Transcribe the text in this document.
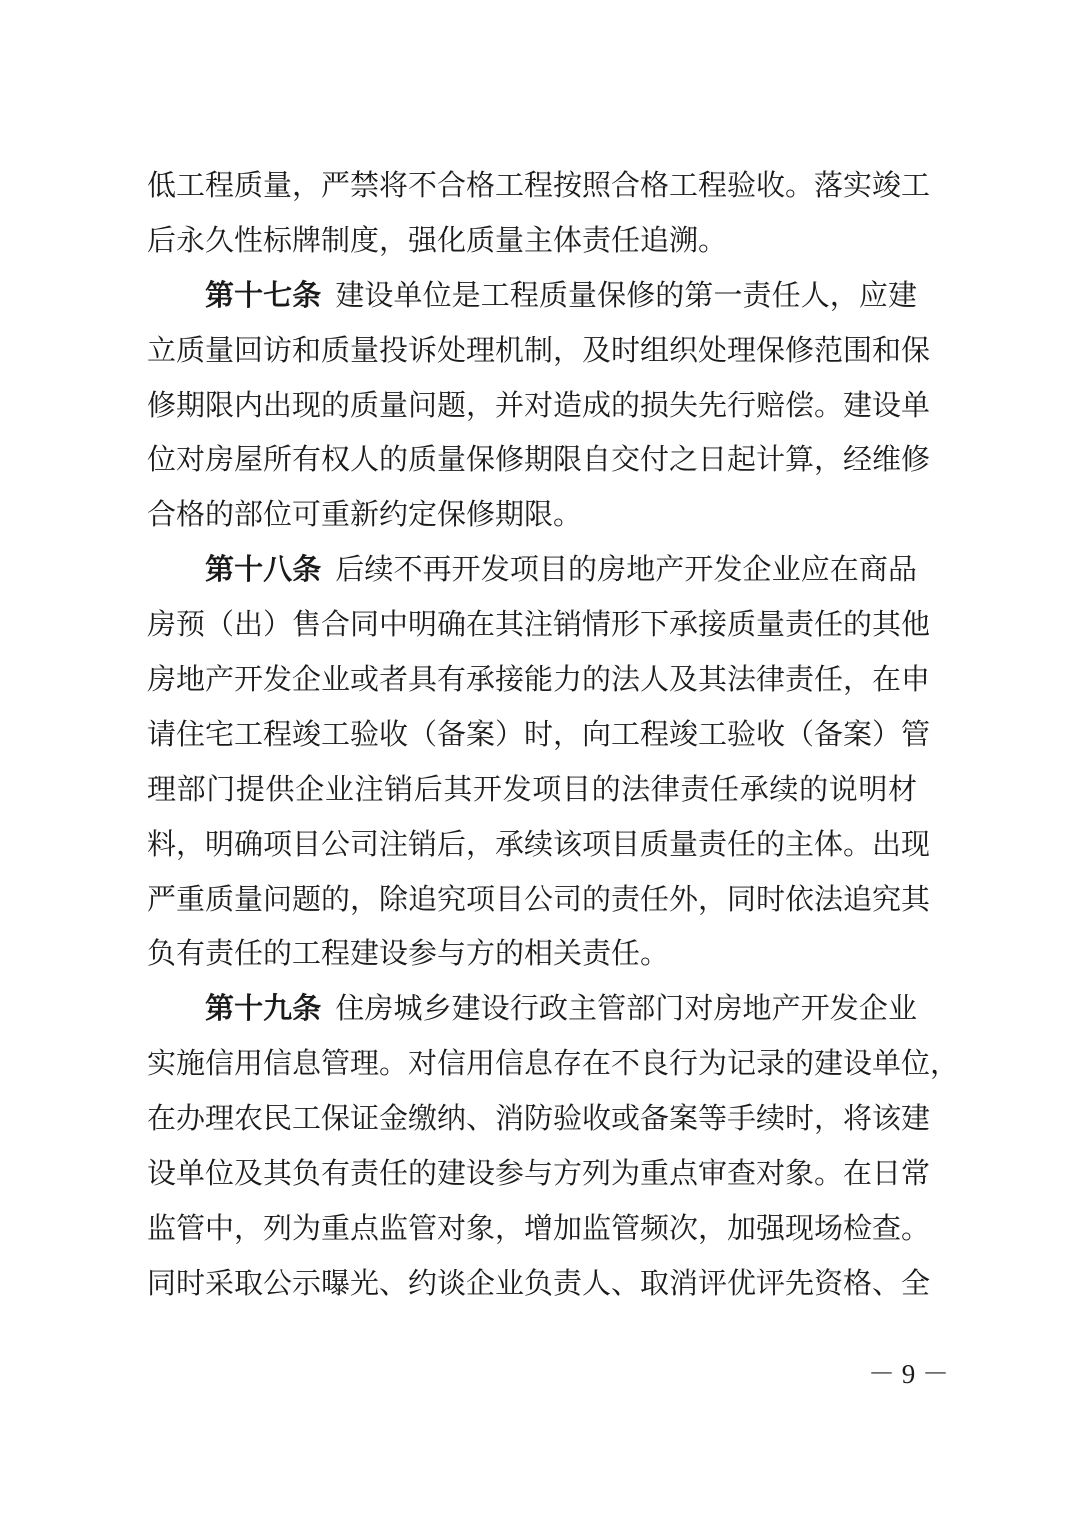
低工程质量，严禁将不合格工程按照合格工程验收。落实竣工
后永久性标牌制度，强化质量主体责任追溯。
第十七条 建设单位是工程质量保修的第一责任人，应建
立质量回访和质量投诉处理机制，及时组织处理保修范围和保
修期限内出现的质量问题，并对造成的损失先行赔偿。建设单
位对房屋所有权人的质量保修期限自交付之日起计算，经维修
合格的部位可重新约定保修期限。
第十八条 后续不再开发项目的房地产开发企业应在商品
房预（出）售合同中明确在其注销情形下承接质量责任的其他
房地产开发企业或者具有承接能力的法人及其法律责任，在申
请住宅工程竣工验收（备案）时，向工程竣工验收（备案）管
理部门提供企业注销后其开发项目的法律责任承续的说明材
料，明确项目公司注销后，承续该项目质量责任的主体。出现
严重质量问题的，除追究项目公司的责任外，同时依法追究其
负有责任的工程建设参与方的相关责任。
第十九条 住房城乡建设行政主管部门对房地产开发企业
实施信用信息管理。对信用信息存在不良行为记录的建设单位，
在办理农民工保证金缴纳、消防验收或备案等手续时，将该建
设单位及其负有责任的建设参与方列为重点审查对象。在日常
监管中，列为重点监管对象，增加监管频次，加强现场检查。
同时采取公示曝光、约谈企业负责人、取消评优评先资格、全
－ 9 －
